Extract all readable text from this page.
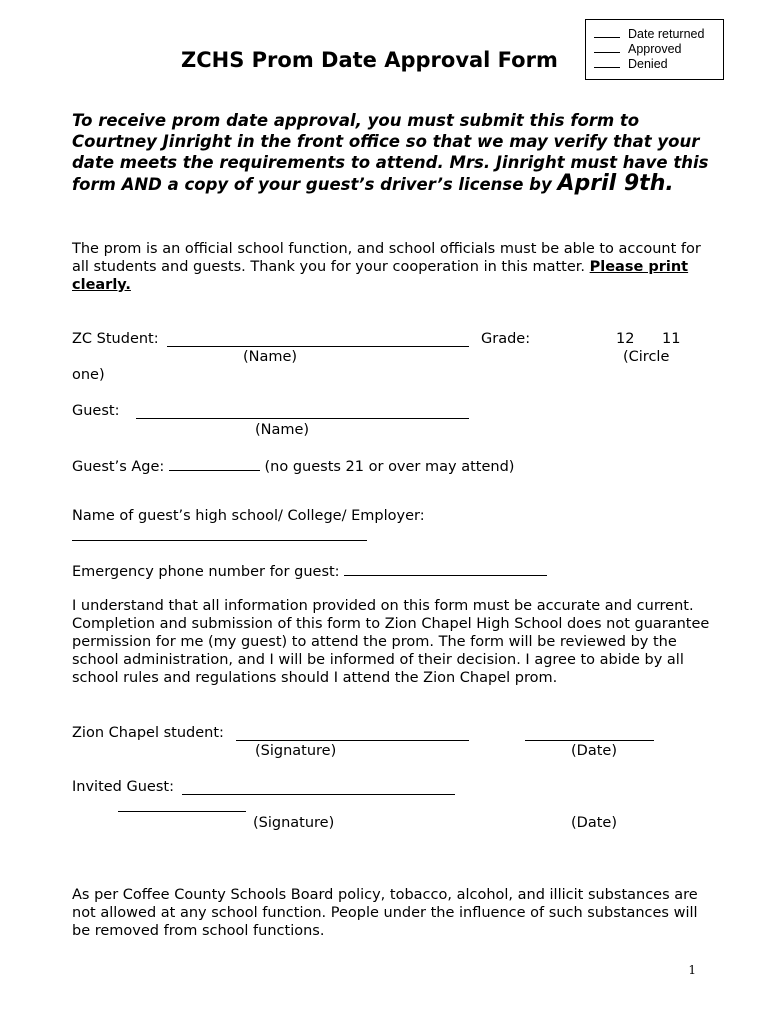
Date returned
Approved
Denied
ZCHS Prom Date Approval Form
To receive prom date approval, you must submit this form to Courtney Jinright in the front office so that we may verify that your date meets the requirements to attend. Mrs. Jinright must have this form AND a copy of your guest’s driver’s license by April 9th.
The prom is an official school function, and school officials must be able to account for all students and guests. Thank you for your cooperation in this matter. Please print clearly.
ZC Student:	Grade:	12 11
(Name)	(Circle
one)
Guest:
(Name)
Guest’s Age:	(no guests 21 or over may attend)
Name of guest’s high school/ College/ Employer:
Emergency phone number for guest:
I understand that all information provided on this form must be accurate and current. Completion and submission of this form to Zion Chapel High School does not guarantee permission for me (my guest) to attend the prom. The form will be reviewed by the school administration, and I will be informed of their decision. I agree to abide by all school rules and regulations should I attend the Zion Chapel prom.
Zion Chapel student:
(Signature)	(Date)
Invited Guest:
(Signature)	(Date)
As per Coffee County Schools Board policy, tobacco, alcohol, and illicit substances are not allowed at any school function. People under the influence of such substances will be removed from school functions.
1
